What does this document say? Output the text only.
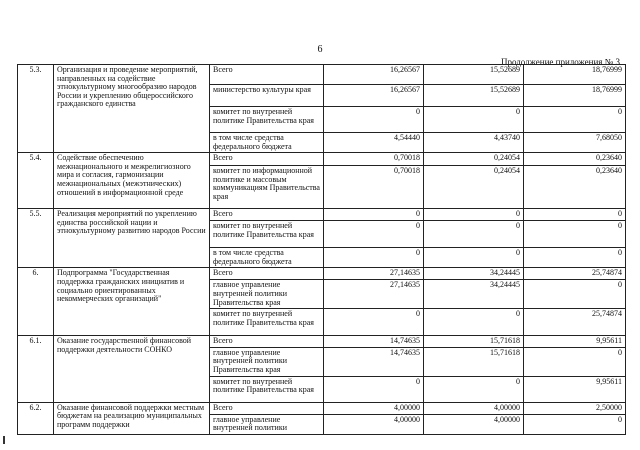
6
Продолжение приложения № 3
5.3.	Организация и проведение мероприятий, направленных на содействие этнокультурному многообразию народов России и укреплению общероссийского гражданского единства	Всего	16,26567	15,52689	18,76999
		министерство культуры края	16,26567	15,52689	18,76999
		комитет по внутренней политике Правительства края	0	0	0
		в том числе средства федерального бюджета	4,54440	4,43740	7,68050
5.4.	Содействие обеспечению межнационального и межрелигиозного мира и согласия, гармонизации межнациональных (межэтнических) отношений в информационной среде	Всего	0,70018	0,24054	0,23640
		комитет по информационной политике и массовым коммуникациям Правительства края	0,70018	0,24054	0,23640
5.5.	Реализация мероприятий по укреплению единства российской нации и этнокультурному развитию народов России	Всего	0	0	0
		комитет по внутренней политике Правительства края	0	0	0
		в том числе средства федерального бюджета	0	0	0
6.	Подпрограмма "Государственная поддержка гражданских инициатив и социально ориентированных некоммерческих организаций"	Всего	27,14635	34,24445	25,74874
		главное управление внутренней политики Правительства края	27,14635	34,24445	0
		комитет по внутренней политике Правительства края	0	0	25,74874
6.1.	Оказание государственной финансовой поддержки деятельности СОНКО	Всего	14,74635	15,71618	9,95611
		главное управление внутренней политики Правительства края	14,74635	15,71618	0
		комитет по внутренней политике Правительства края	0	0	9,95611
6.2.	Оказание финансовой поддержки местным бюджетам на реализацию муниципальных программ поддержки	Всего	4,00000	4,00000	2,50000
		главное управление внутренней политики	4,00000	4,00000	0
